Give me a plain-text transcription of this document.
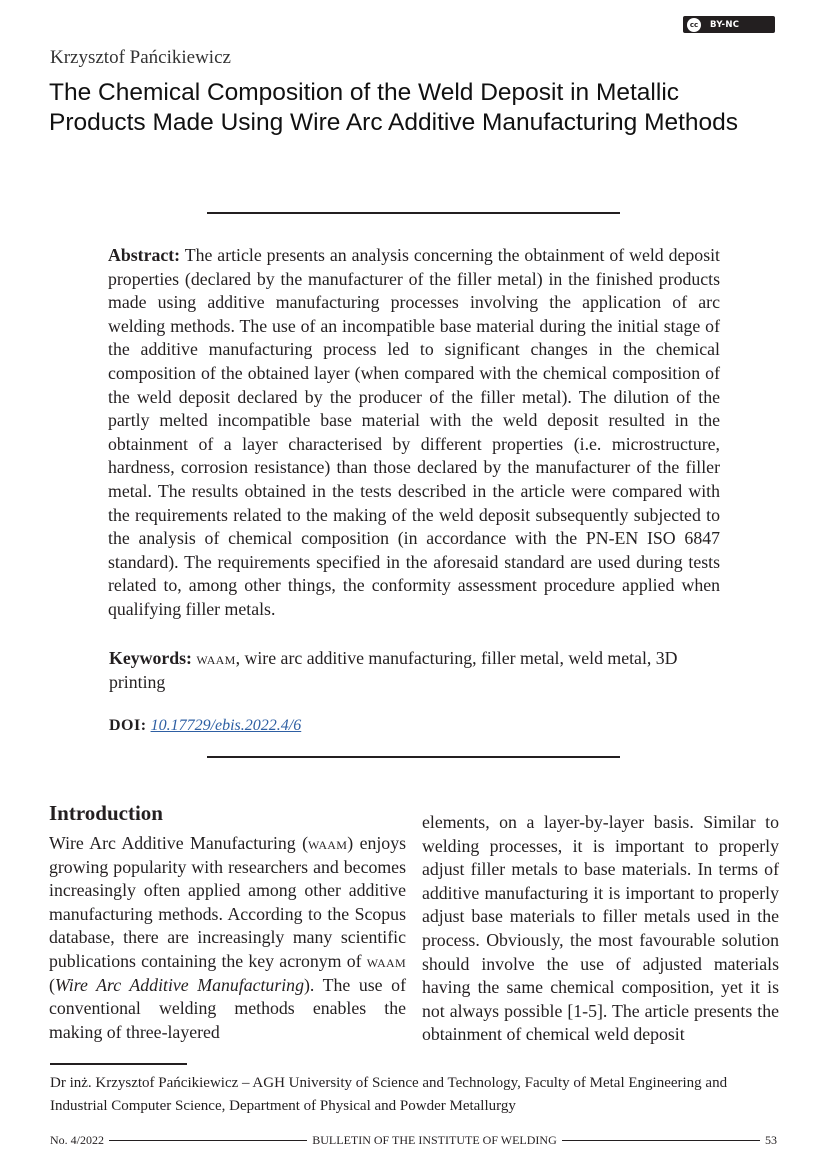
cc	BY-NC
Krzysztof Pańcikiewicz
The Chemical Composition of the Weld Deposit in Metallic Products Made Using Wire Arc Additive Manufacturing Methods

Abstract: The article presents an analysis concerning the obtainment of weld deposit properties (declared by the manufacturer of the filler metal) in the finished products made using additive manufacturing processes involving the application of arc welding methods. The use of an incompatible base material during the initial stage of the additive manufacturing process led to significant changes in the chemical composition of the obtained layer (when compared with the chemical composition of the weld deposit declared by the producer of the filler metal). The dilution of the partly melted incompatible base material with the weld deposit resulted in the obtainment of a layer characterised by different properties (i.e. microstructure, hardness, corrosion resistance) than those declared by the manufacturer of the filler metal. The results obtained in the tests described in the article were compared with the requirements related to the making of the weld deposit subsequently subjected to the analysis of chemical composition (in accordance with the PN-EN ISO 6847 standard). The requirements specified in the aforesaid standard are used during tests related to, among other things, the conformity assessment procedure applied when qualifying filler metals.

Keywords: waam, wire arc additive manufacturing, filler metal, weld metal, 3D printing

DOI: 10.17729/ebis.2022.4/6
Introduction

Wire Arc Additive Manufacturing (waam) enjoys growing popularity with researchers and becomes increasingly often applied among other additive manufacturing methods. According to the Scopus database, there are increasingly many scientific publications containing the key acronym of waam (Wire Arc Additive Manufacturing). The use of conventional welding methods enables the making of three-layered

elements, on a layer-by-layer basis. Similar to welding processes, it is important to properly adjust filler metals to base materials. In terms of additive manufacturing it is important to properly adjust base materials to filler metals used in the process. Obviously, the most favourable solution should involve the use of adjusted materials having the same chemical composition, yet it is not always possible [1-5]. The article presents the obtainment of chemical weld deposit

Dr inż. Krzysztof Pańcikiewicz – AGH University of Science and Technology, Faculty of Metal Engineering and Industrial Computer Science, Department of Physical and Powder Metallurgy

No. 4/2022	BULLETIN OF THE INSTITUTE OF WELDING	53
